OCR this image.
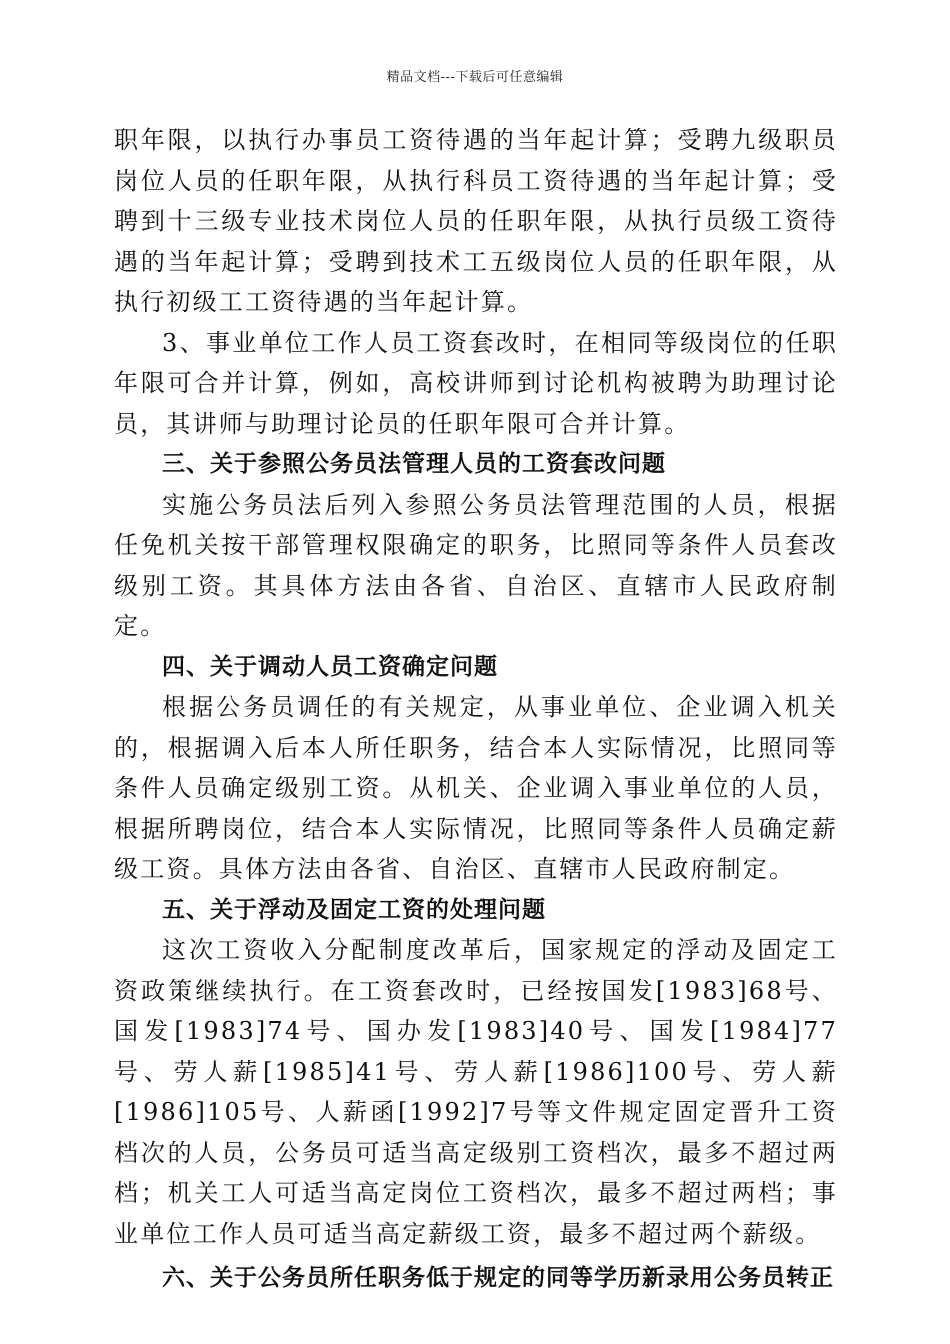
精品文档---下载后可任意编辑

职年限，以执行办事员工资待遇的当年起计算；受聘九级职员岗位人员的任职年限，从执行科员工资待遇的当年起计算；受聘到十三级专业技术岗位人员的任职年限，从执行员级工资待遇的当年起计算；受聘到技术工五级岗位人员的任职年限，从执行初级工工资待遇的当年起计算。

3、事业单位工作人员工资套改时，在相同等级岗位的任职年限可合并计算，例如，高校讲师到讨论机构被聘为助理讨论员，其讲师与助理讨论员的任职年限可合并计算。

三、关于参照公务员法管理人员的工资套改问题

实施公务员法后列入参照公务员法管理范围的人员，根据任免机关按干部管理权限确定的职务，比照同等条件人员套改级别工资。其具体方法由各省、自治区、直辖市人民政府制定。

四、关于调动人员工资确定问题

根据公务员调任的有关规定，从事业单位、企业调入机关的，根据调入后本人所任职务，结合本人实际情况，比照同等条件人员确定级别工资。从机关、企业调入事业单位的人员，根据所聘岗位，结合本人实际情况，比照同等条件人员确定薪级工资。具体方法由各省、自治区、直辖市人民政府制定。

五、关于浮动及固定工资的处理问题

这次工资收入分配制度改革后，国家规定的浮动及固定工资政策继续执行。在工资套改时，已经按国发[1983]68号、国发[1983]74号、国办发[1983]40号、国发[1984]77号、劳人薪[1985]41号、劳人薪[1986]100号、劳人薪[1986]105号、人薪函[1992]7号等文件规定固定晋升工资档次的人员，公务员可适当高定级别工资档次，最多不超过两档；机关工人可适当高定岗位工资档次，最多不超过两档；事业单位工作人员可适当高定薪级工资，最多不超过两个薪级。

六、关于公务员所任职务低于规定的同等学历新录用公务员转正
